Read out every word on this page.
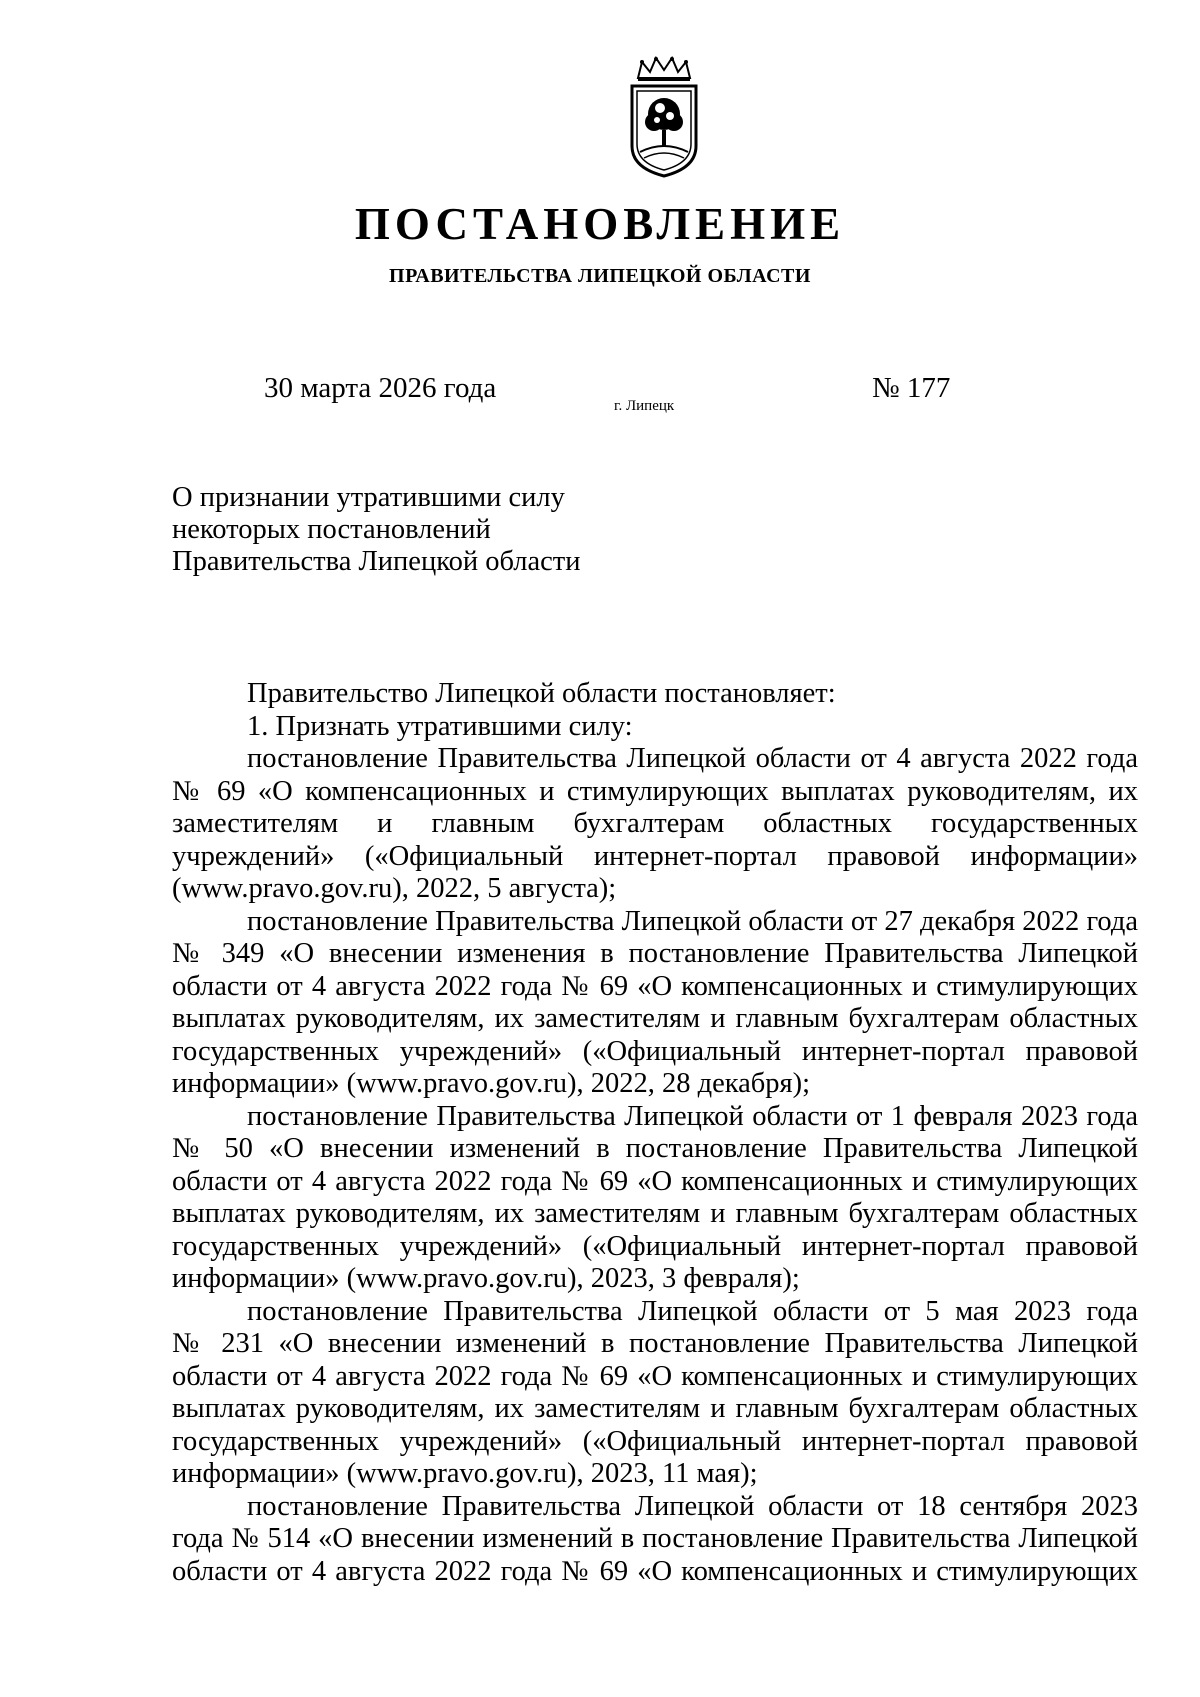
ПОСТАНОВЛЕНИЕ
ПРАВИТЕЛЬСТВА ЛИПЕЦКОЙ ОБЛАСТИ
30 марта 2026 года
г. Липецк
№ 177
О признании утратившими силу
некоторых постановлений
Правительства Липецкой области
Правительство Липецкой области постановляет:
1. Признать утратившими силу:
постановление Правительства Липецкой области от 4 августа 2022 года
№ 69 «О компенсационных и стимулирующих выплатах руководителям, их
заместителям и главным бухгалтерам областных государственных
учреждений» («Официальный интернет-портал правовой информации»
(www.pravo.gov.ru), 2022, 5 августа);
постановление Правительства Липецкой области от 27 декабря 2022 года
№ 349 «О внесении изменения в постановление Правительства Липецкой
области от 4 августа 2022 года № 69 «О компенсационных и стимулирующих
выплатах руководителям, их заместителям и главным бухгалтерам областных
государственных учреждений» («Официальный интернет-портал правовой
информации» (www.pravo.gov.ru), 2022, 28 декабря);
постановление Правительства Липецкой области от 1 февраля 2023 года
№ 50 «О внесении изменений в постановление Правительства Липецкой
области от 4 августа 2022 года № 69 «О компенсационных и стимулирующих
выплатах руководителям, их заместителям и главным бухгалтерам областных
государственных учреждений» («Официальный интернет-портал правовой
информации» (www.pravo.gov.ru), 2023, 3 февраля);
постановление Правительства Липецкой области от 5 мая 2023 года
№ 231 «О внесении изменений в постановление Правительства Липецкой
области от 4 августа 2022 года № 69 «О компенсационных и стимулирующих
выплатах руководителям, их заместителям и главным бухгалтерам областных
государственных учреждений» («Официальный интернет-портал правовой
информации» (www.pravo.gov.ru), 2023, 11 мая);
постановление Правительства Липецкой области от 18 сентября 2023
года № 514 «О внесении изменений в постановление Правительства Липецкой
области от 4 августа 2022 года № 69 «О компенсационных и стимулирующих
